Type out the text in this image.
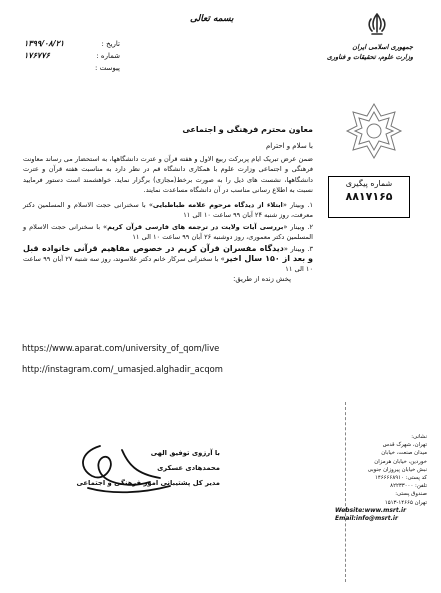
بسمه تعالی
جمهوری اسلامی ایران
وزارت علوم، تحقیقات و فناوری
۱۳۹۹/۰۸/۲۱	تاریخ :
۱۷۶۷۷۶	شماره :
پیوست :
شماره پیگیری
۸۸۱۷۱۶۵
معاون محترم فرهنگی و اجتماعی
با سلام و احترام
ضمن عرض تبریک ایام پربرکت ربیع الاول و هفته قرآن و عترت دانشگاهها، به استحضار می رساند معاونت فرهنگی و اجتماعی وزارت علوم با همکاری دانشگاه قم در نظر دارد به مناسبت هفته قرآن و عترت دانشگاهها، نشست های ذیل را به صورت برخط(مجازی) برگزار نماید. خواهشمند است دستور فرمایید نسبت به اطلاع رسانی مناسب در آن دانشگاه مساعدت نمایند.

۱. وبینار «ابتلاء از دیدگاه مرحوم علامه طباطبایی» با سخنرانی حجت الاسلام و المسلمین دکتر معرفت، روز شنبه ۲۴ آبان ۹۹ ساعت ۱۰ الی ۱۱

۲. وبینار «بررسی آیات ولایت در ترجمه های فارسی قرآن کریم» با سخنرانی حجت الاسلام و المسلمین دکتر معموری، روز دوشنبه ۲۶ آبان ۹۹ ساعت ۱۰ الی ۱۱

۳. وبینار «دیدگاه مفسران قرآن کریم در خصوص مفاهیم قرآنی خانواده قبل و بعد از ۱۵۰ سال اخیر» با سخنرانی سرکار خانم دکتر علاسوند، روز سه شنبه ۲۷ آبان ۹۹ ساعت ۱۰ الی ۱۱

پخش زنده از طریق:
https://www.aparat.com/university_of_qom/live
http://instagram.com/_umasjed.alghadir_acqom
با آرزوی توفیق الهی
محمدهادی عسکری
مدیر کل پشتیبانی امور فرهنگی و اجتماعی
نشانی:
تهران، شهرک قدس
میدان صنعت، خیابان
خوردین، خیابان هرمزان
نبش خیابان پیروزان جنوبی
کد پستی: ۱۴۶۶۶۶۸۹۱۰
تلفن: ۸۲۲۳۳۰۰۰
صندوق پستی:
تهران ۱۴۶۶۵-۱۵۱۳
Website:www.msrt.ir
Email:info@msrt.ir
